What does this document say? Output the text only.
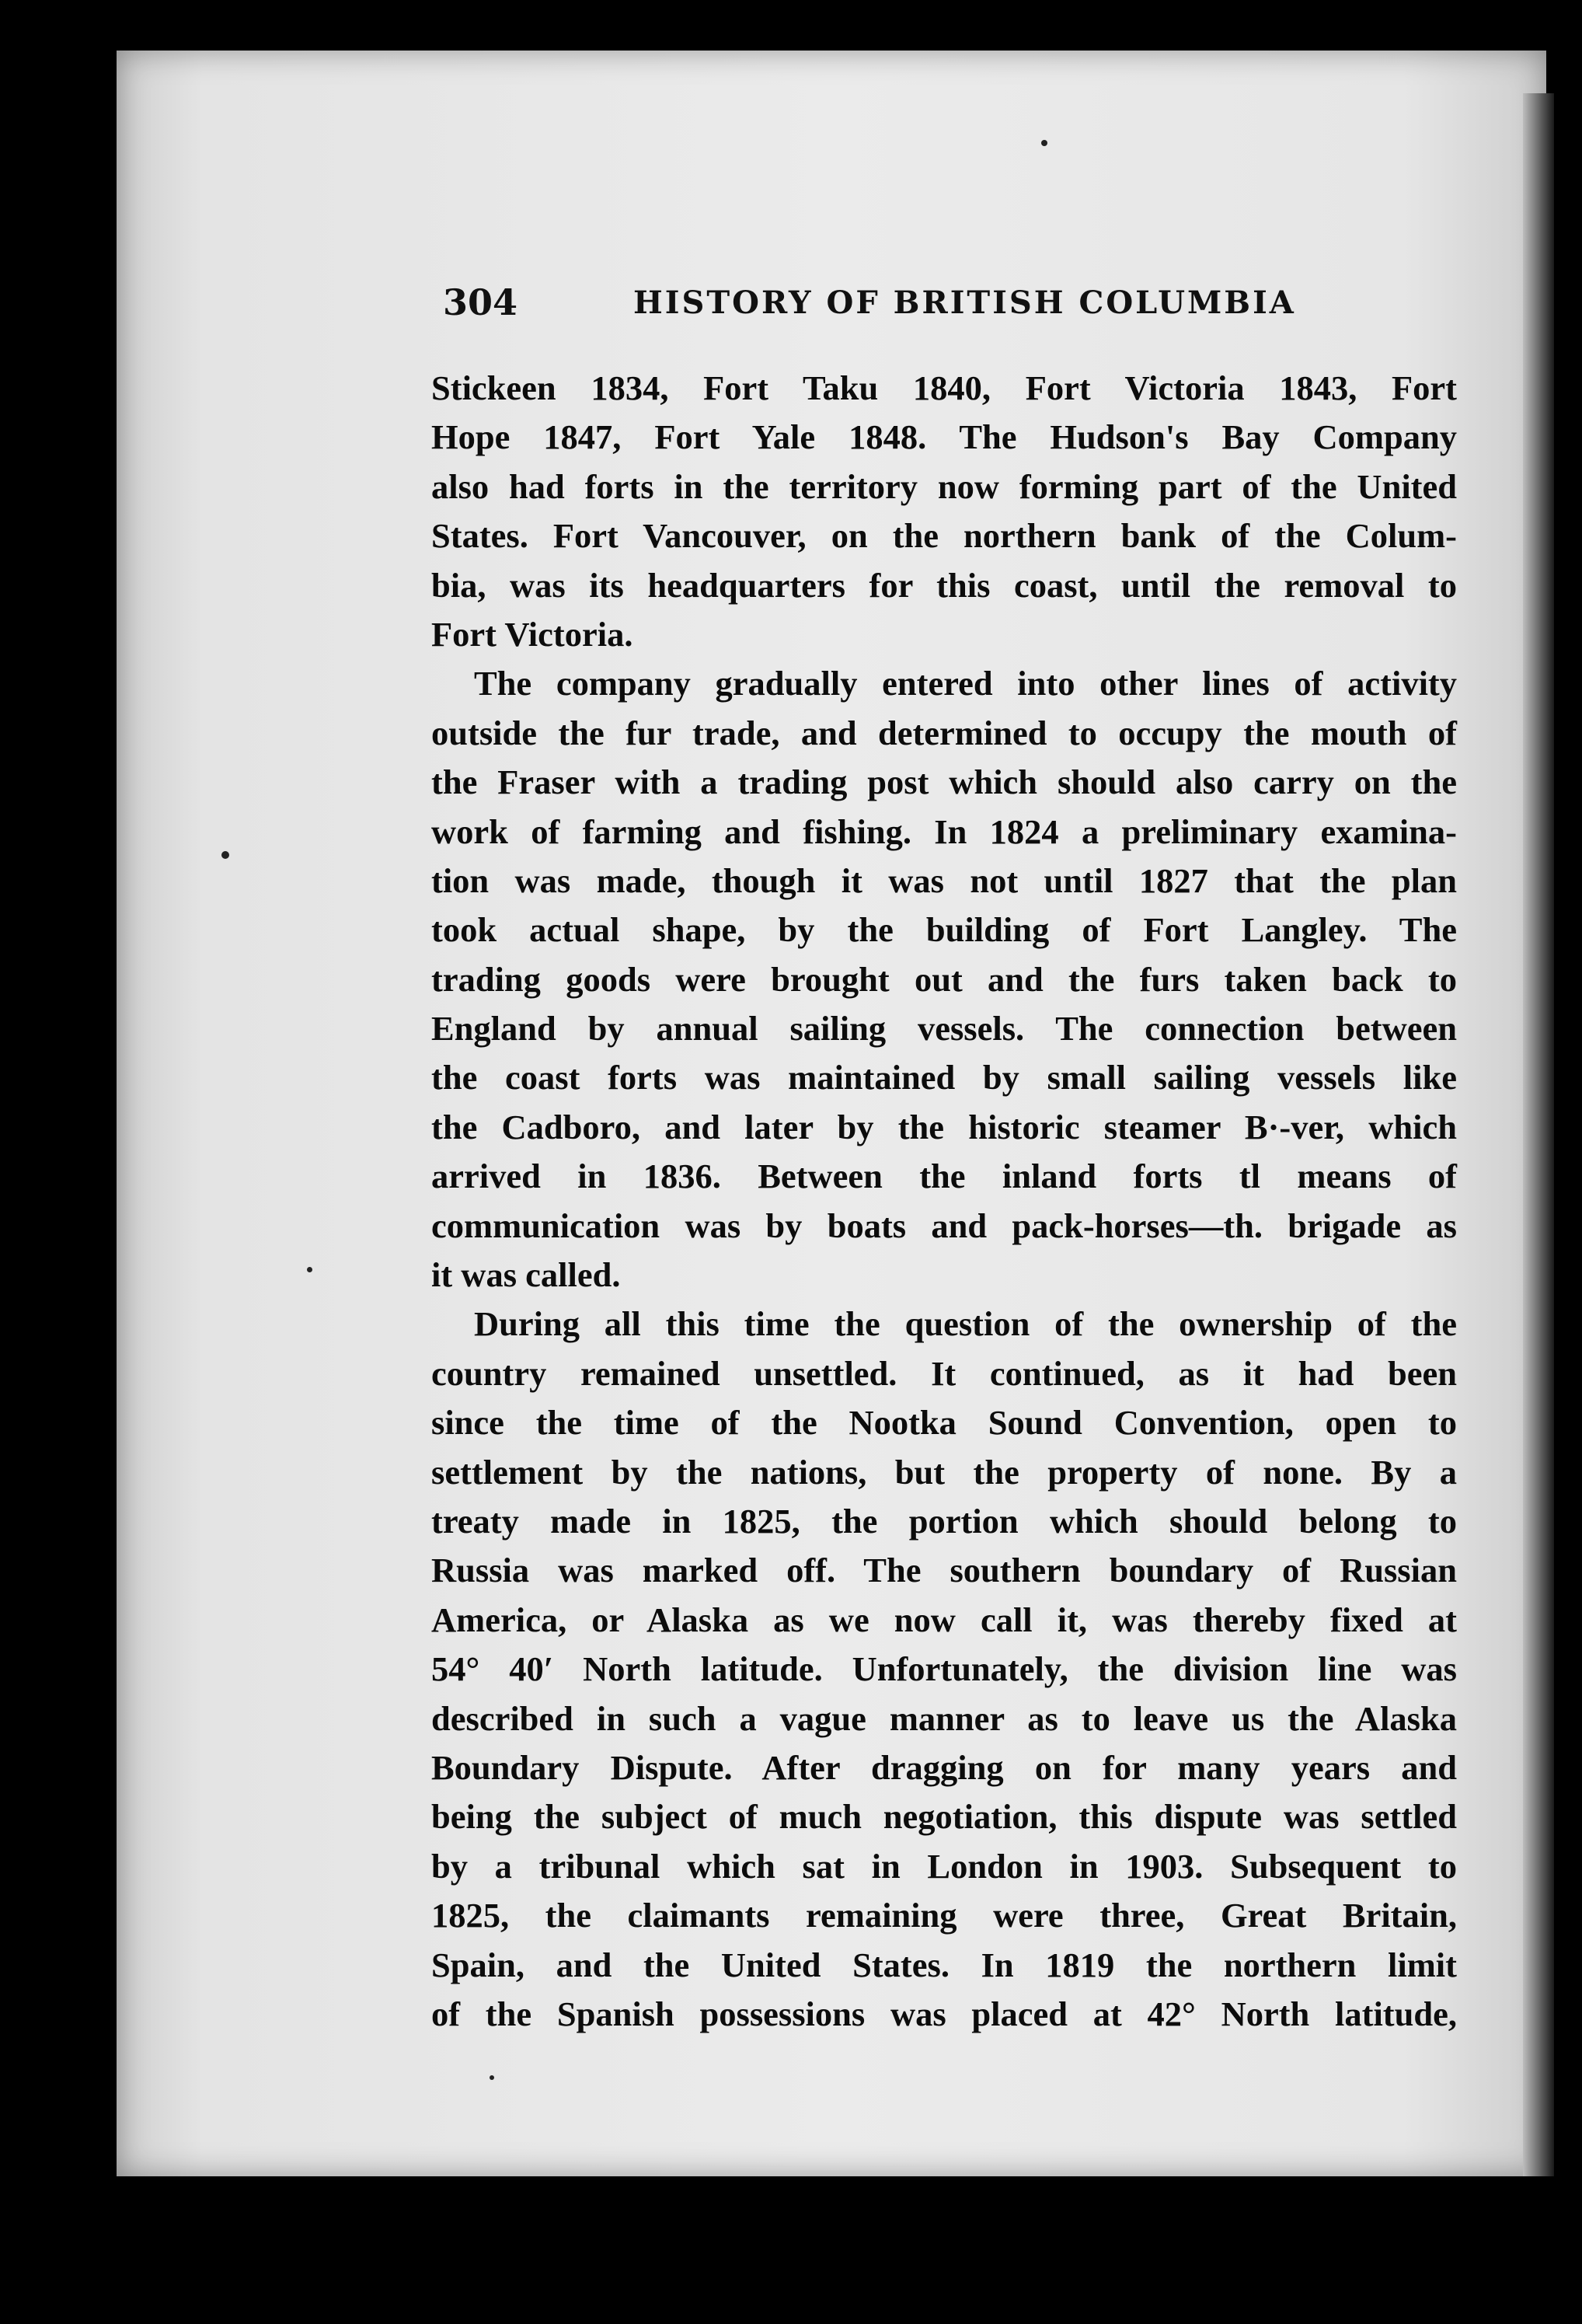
304	HISTORY OF BRITISH COLUMBIA
Stickeen 1834, Fort Taku 1840, Fort Victoria 1843, Fort
Hope 1847, Fort Yale 1848. The Hudson's Bay Company
also had forts in the territory now forming part of the United
States. Fort Vancouver, on the northern bank of the Colum-
bia, was its headquarters for this coast, until the removal to
Fort Victoria.
The company gradually entered into other lines of activity
outside the fur trade, and determined to occupy the mouth of
the Fraser with a trading post which should also carry on the
work of farming and fishing. In 1824 a preliminary examina-
tion was made, though it was not until 1827 that the plan
took actual shape, by the building of Fort Langley. The
trading goods were brought out and the furs taken back to
England by annual sailing vessels. The connection between
the coast forts was maintained by small sailing vessels like
the Cadboro, and later by the historic steamer B·-ver, which
arrived in 1836. Between the inland forts tl means of
communication was by boats and pack-horses—th. brigade as
it was called.
During all this time the question of the ownership of the
country remained unsettled. It continued, as it had been
since the time of the Nootka Sound Convention, open to
settlement by the nations, but the property of none. By a
treaty made in 1825, the portion which should belong to
Russia was marked off. The southern boundary of Russian
America, or Alaska as we now call it, was thereby fixed at
54° 40′ North latitude. Unfortunately, the division line was
described in such a vague manner as to leave us the Alaska
Boundary Dispute. After dragging on for many years and
being the subject of much negotiation, this dispute was settled
by a tribunal which sat in London in 1903. Subsequent to
1825, the claimants remaining were three, Great Britain,
Spain, and the United States. In 1819 the northern limit
of the Spanish possessions was placed at 42° North latitude,
